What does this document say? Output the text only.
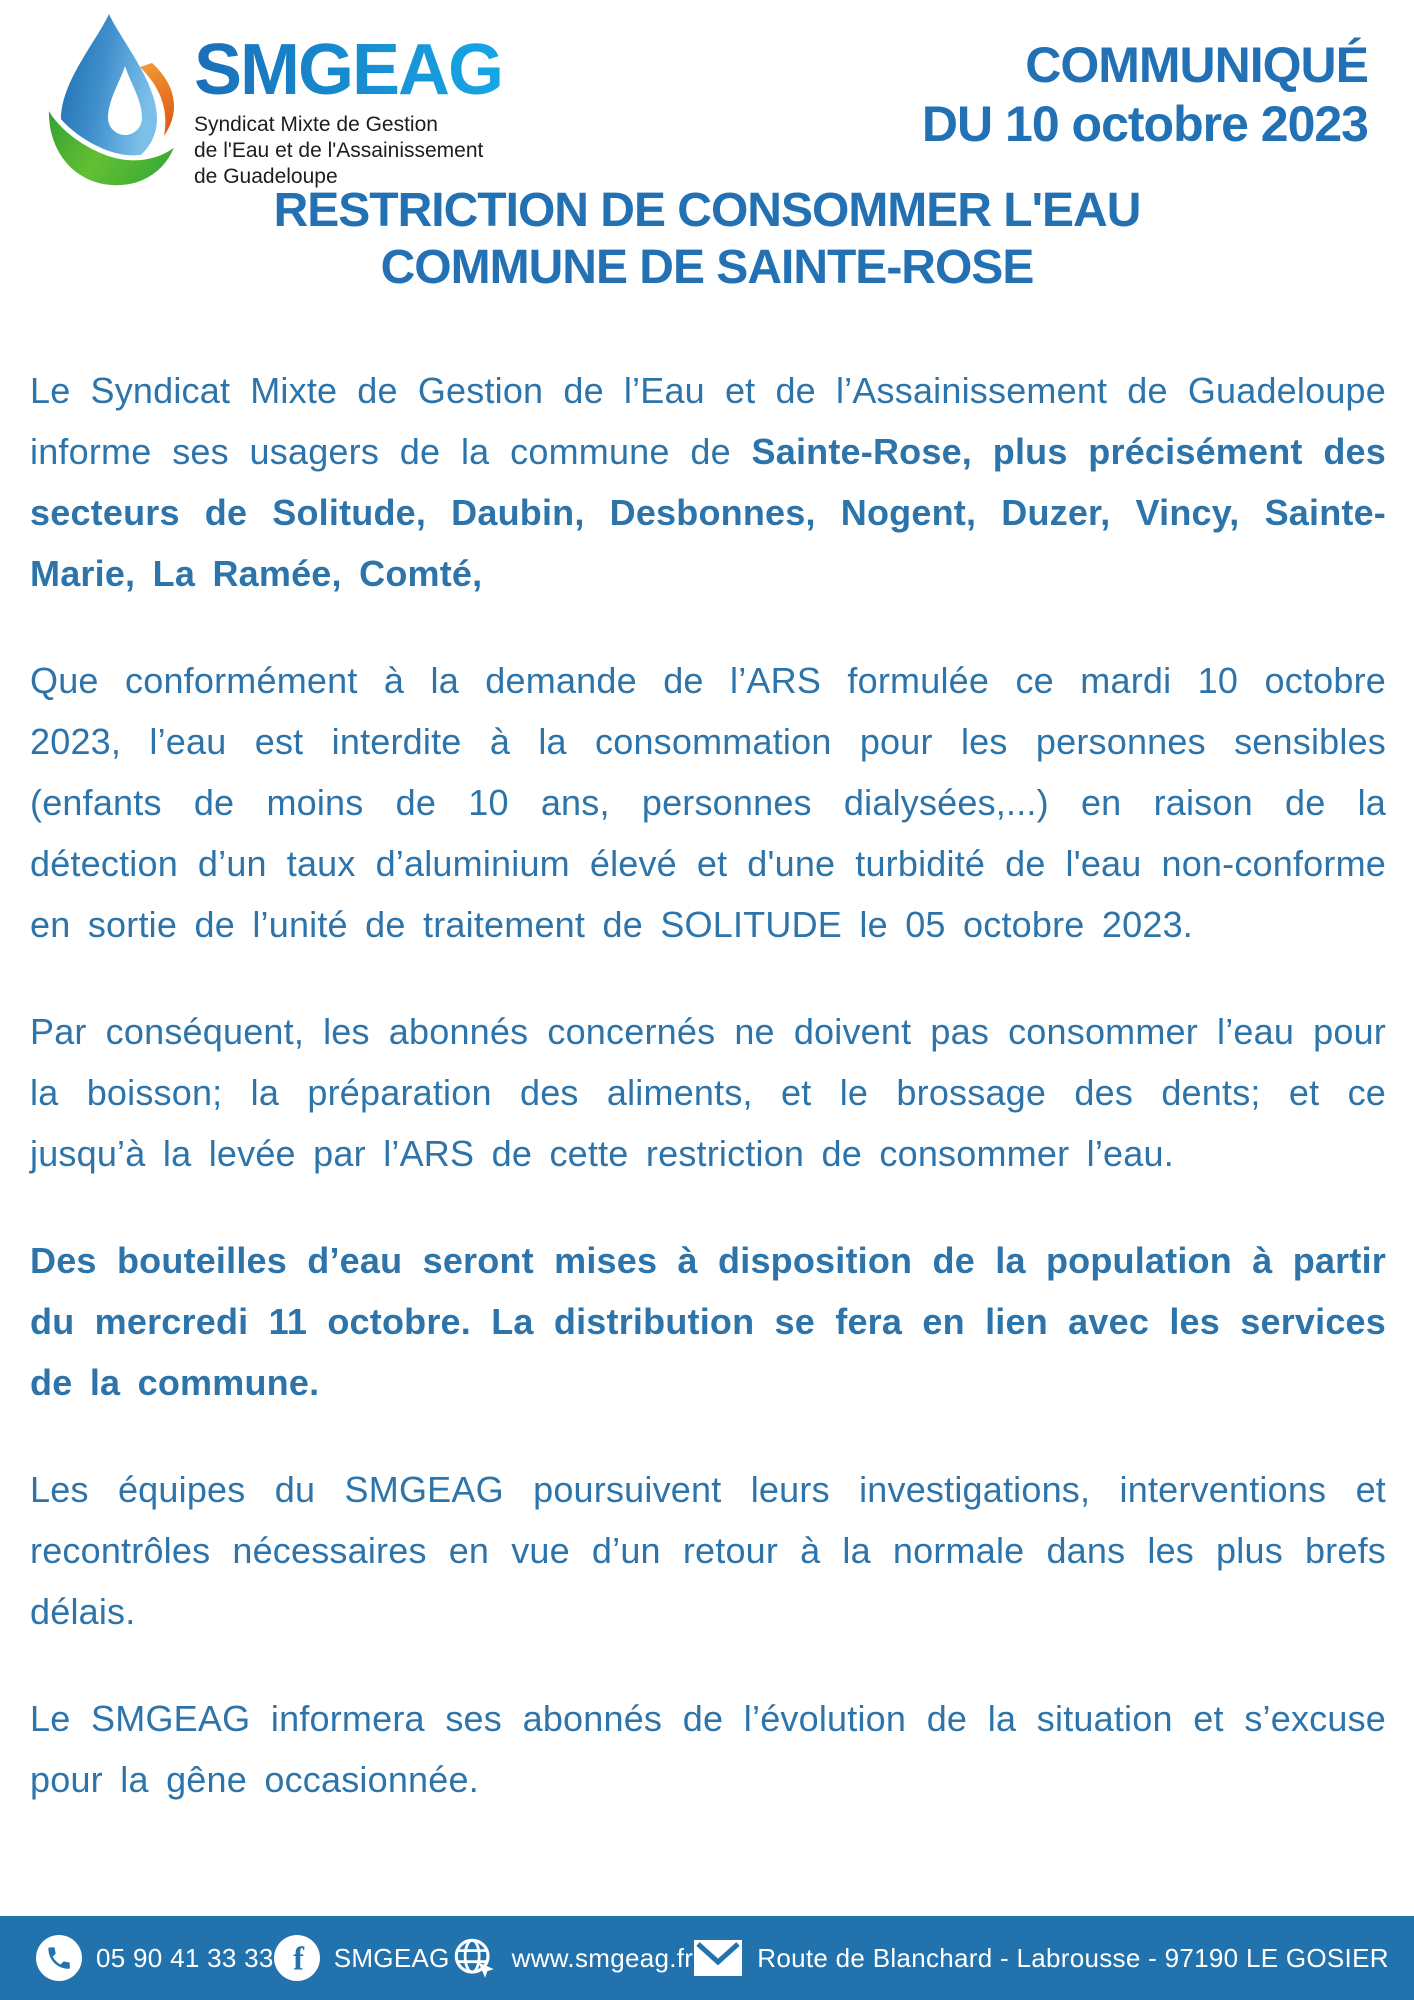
SMGEAG
Syndicat Mixte de Gestion
de l'Eau et de l'Assainissement
de Guadeloupe
COMMUNIQUÉ
DU 10 octobre 2023
RESTRICTION DE CONSOMMER L'EAU
COMMUNE DE SAINTE-ROSE

Le Syndicat Mixte de Gestion de l’Eau et de l’Assainissement de Guadeloupe informe ses usagers de la commune de Sainte-Rose, plus précisément des secteurs de Solitude, Daubin, Desbonnes, Nogent, Duzer, Vincy, Sainte-Marie, La Ramée, Comté,

Que conformément à la demande de l’ARS formulée ce mardi 10 octobre 2023, l’eau est interdite à la consommation pour les personnes sensibles (enfants de moins de 10 ans, personnes dialysées,...) en raison de la détection d’un taux d’aluminium élevé et d'une turbidité de l'eau non-conforme en sortie de l’unité de traitement de SOLITUDE le 05 octobre 2023.

Par conséquent, les abonnés concernés ne doivent pas consommer l’eau pour la boisson; la préparation des aliments, et le brossage des dents; et ce jusqu’à la levée par l’ARS de cette restriction de consommer l’eau.

Des bouteilles d’eau seront mises à disposition de la population à partir du mercredi 11 octobre. La distribution se fera en lien avec les services de la commune.

Les équipes du SMGEAG poursuivent leurs investigations, interventions et recontrôles nécessaires en vue d’un retour à la normale dans les plus brefs délais.

Le SMGEAG informera ses abonnés de l’évolution de la situation et s’excuse pour la gêne occasionnée.

05 90 41 33 33 f SMGEAG www.smgeag.fr Route de Blanchard - Labrousse - 97190 LE GOSIER
